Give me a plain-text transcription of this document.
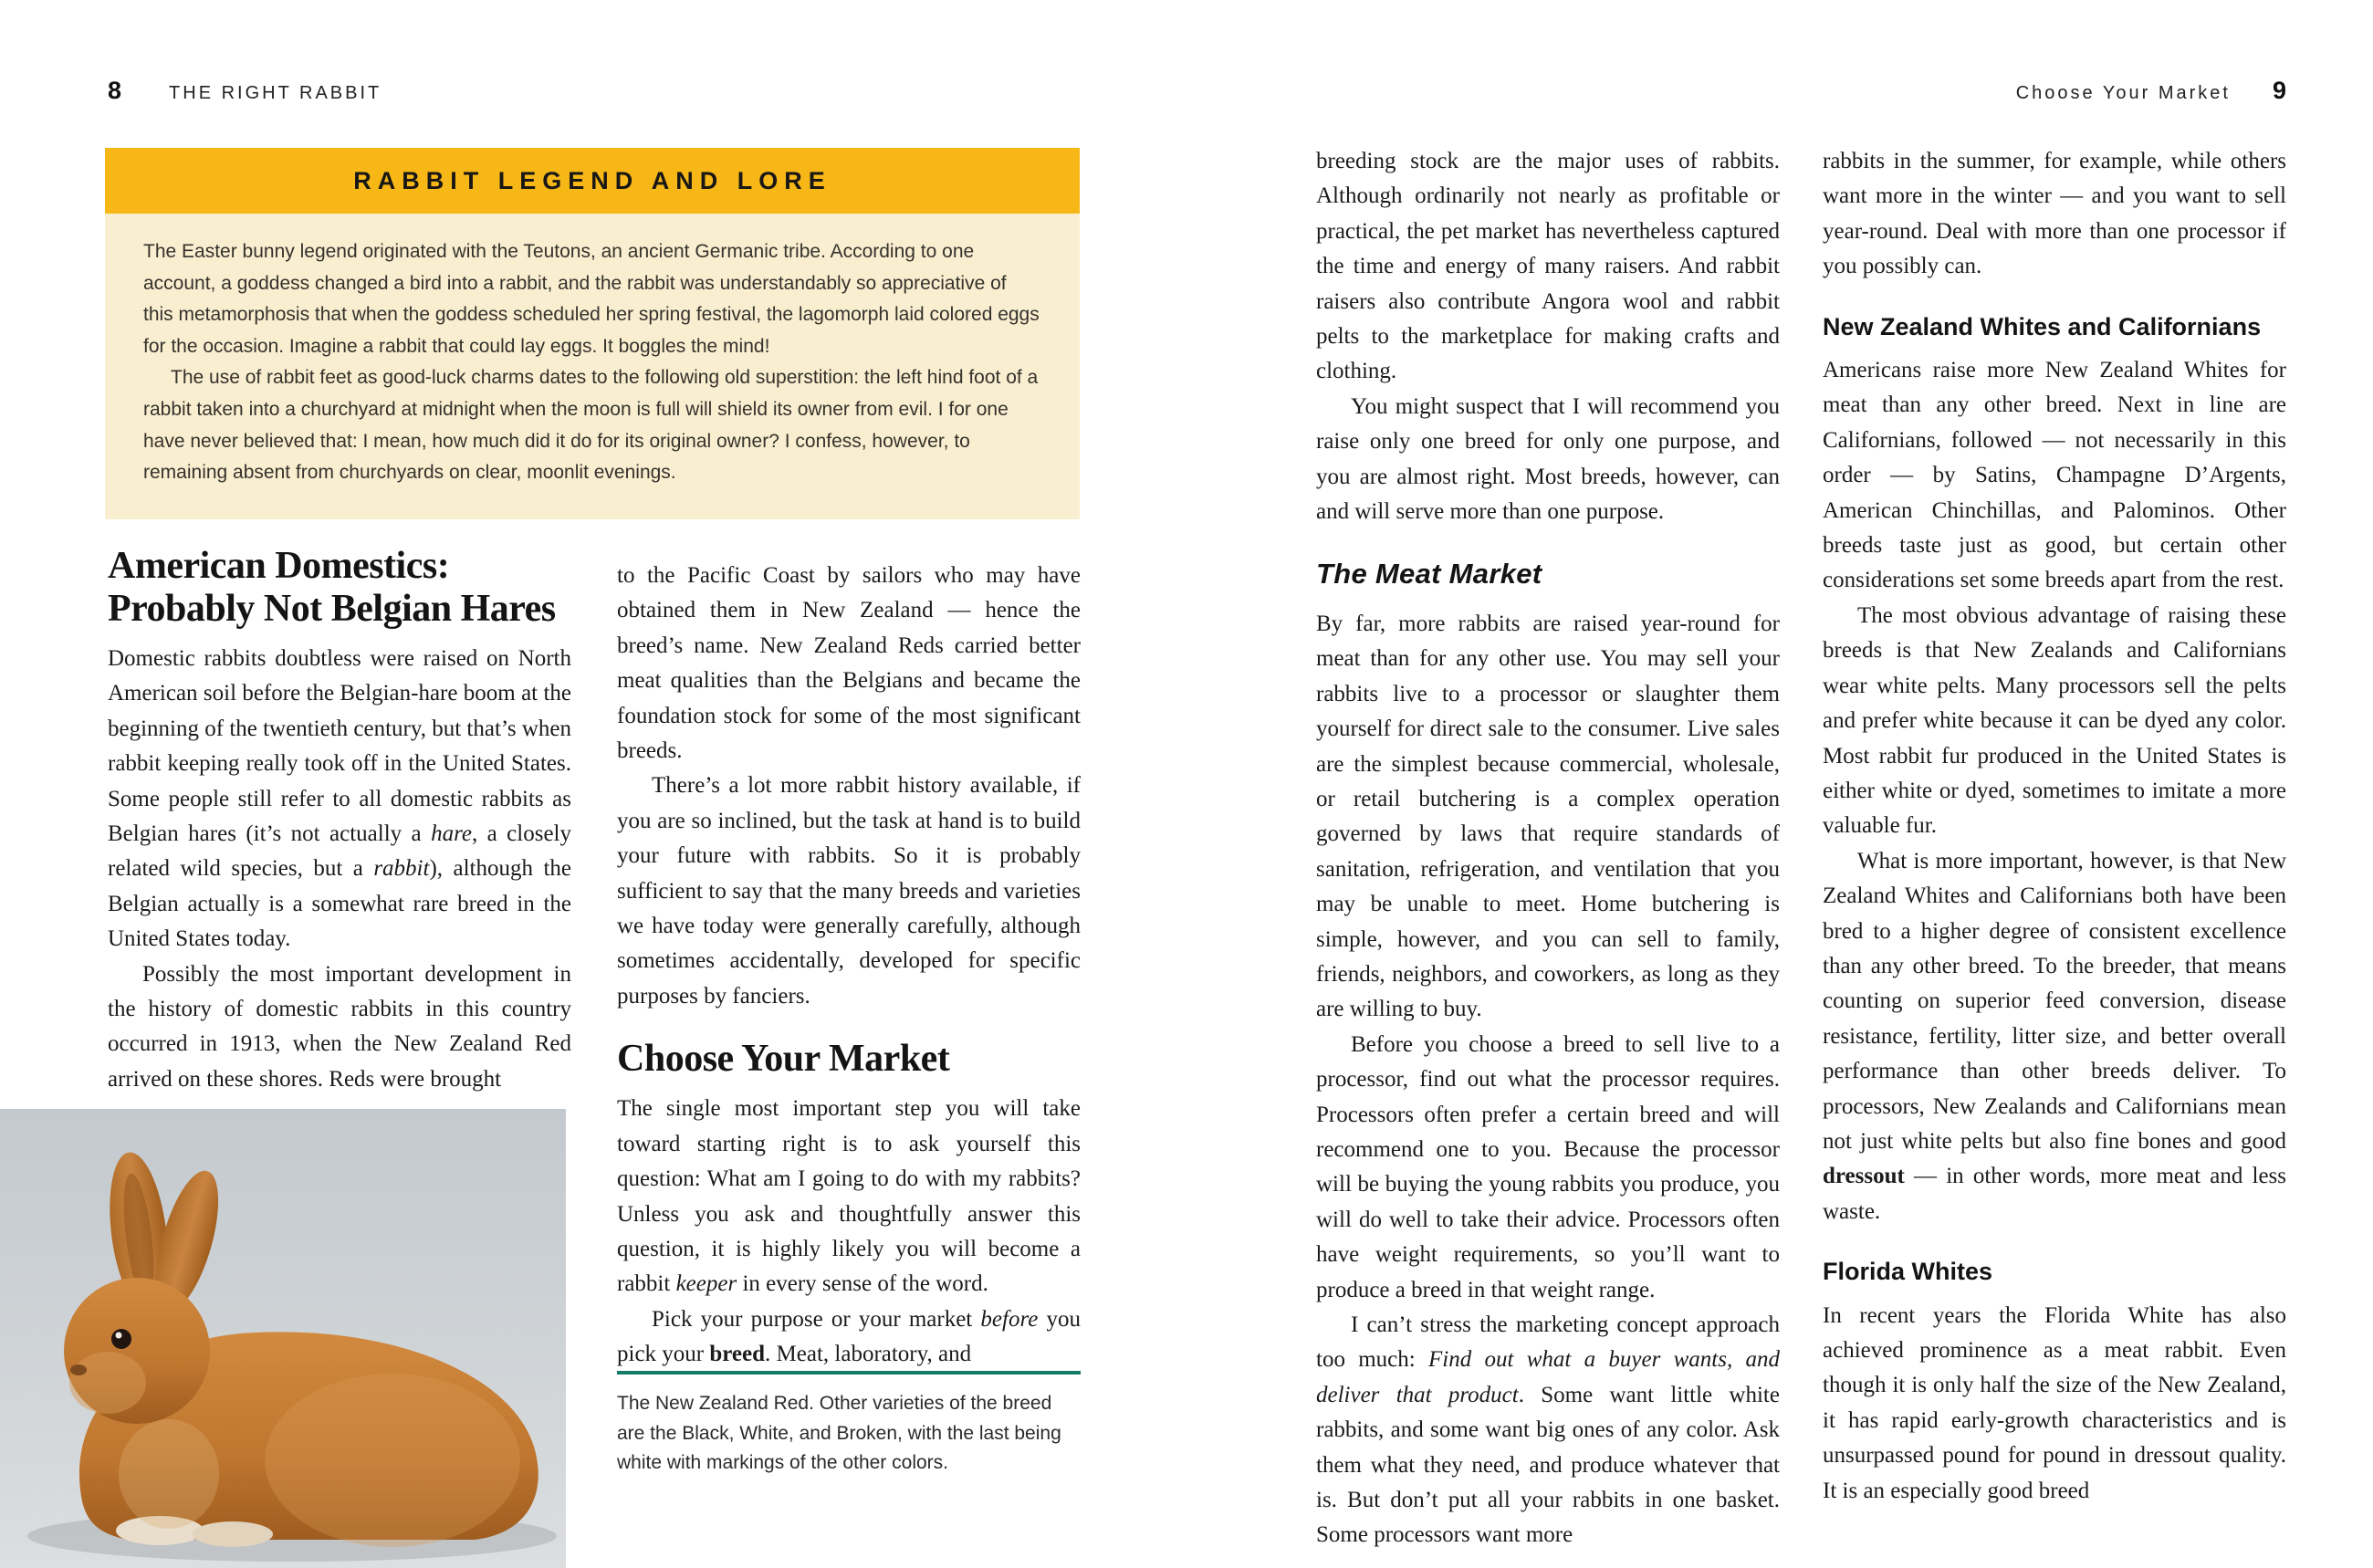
8	THE RIGHT RABBIT	Choose Your Market 9
RABBIT LEGEND AND LORE

The Easter bunny legend originated with the Teutons, an ancient Germanic tribe. According to one account, a goddess changed a bird into a rabbit, and the rabbit was understandably so appreciative of this metamorphosis that when the goddess scheduled her spring festival, the lagomorph laid colored eggs for the occasion. Imagine a rabbit that could lay eggs. It boggles the mind!

The use of rabbit feet as good-luck charms dates to the following old superstition: the left hind foot of a rabbit taken into a churchyard at midnight when the moon is full will shield its owner from evil. I for one have never believed that: I mean, how much did it do for its original owner? I confess, however, to remaining absent from churchyards on clear, moonlit evenings.

American Domestics:
Probably Not Belgian Hares

Domestic rabbits doubtless were raised on North American soil before the Belgian-hare boom at the beginning of the twentieth century, but that’s when rabbit keeping really took off in the United States. Some people still refer to all domestic rabbits as Belgian hares (it’s not actually a hare, a closely related wild species, but a rabbit), although the Belgian actually is a somewhat rare breed in the United States today.

Possibly the most important development in the history of domestic rabbits in this country occurred in 1913, when the New Zealand Red arrived on these shores. Reds were brought

to the Pacific Coast by sailors who may have obtained them in New Zealand — hence the breed’s name. New Zealand Reds carried better meat qualities than the Belgians and became the foundation stock for some of the most significant breeds.

There’s a lot more rabbit history available, if you are so inclined, but the task at hand is to build your future with rabbits. So it is probably sufficient to say that the many breeds and varieties we have today were generally carefully, although sometimes accidentally, developed for specific purposes by fanciers.

Choose Your Market

The single most important step you will take toward starting right is to ask yourself this question: What am I going to do with my rabbits? Unless you ask and thoughtfully answer this question, it is highly likely you will become a rabbit keeper in every sense of the word.

Pick your purpose or your market before you pick your breed. Meat, laboratory, and

The New Zealand Red. Other varieties of the breed are the Black, White, and Broken, with the last being white with markings of the other colors.

breeding stock are the major uses of rabbits. Although ordinarily not nearly as profitable or practical, the pet market has nevertheless captured the time and energy of many raisers. And rabbit raisers also contribute Angora wool and rabbit pelts to the marketplace for making crafts and clothing.

You might suspect that I will recommend you raise only one breed for only one purpose, and you are almost right. Most breeds, however, can and will serve more than one purpose.

The Meat Market

By far, more rabbits are raised year-round for meat than for any other use. You may sell your rabbits live to a processor or slaughter them yourself for direct sale to the consumer. Live sales are the simplest because commercial, wholesale, or retail butchering is a complex operation governed by laws that require standards of sanitation, refrigeration, and ventilation that you may be unable to meet. Home butchering is simple, however, and you can sell to family, friends, neighbors, and coworkers, as long as they are willing to buy.

Before you choose a breed to sell live to a processor, find out what the processor requires. Processors often prefer a certain breed and will recommend one to you. Because the processor will be buying the young rabbits you produce, you will do well to take their advice. Processors often have weight requirements, so you’ll want to produce a breed in that weight range.

I can’t stress the marketing concept approach too much: Find out what a buyer wants, and deliver that product. Some want little white rabbits, and some want big ones of any color. Ask them what they need, and produce whatever that is. But don’t put all your rabbits in one basket. Some processors want more

rabbits in the summer, for example, while others want more in the winter — and you want to sell year-round. Deal with more than one processor if you possibly can.

New Zealand Whites and Californians

Americans raise more New Zealand Whites for meat than any other breed. Next in line are Californians, followed — not necessarily in this order — by Satins, Champagne D’Argents, American Chinchillas, and Palominos. Other breeds taste just as good, but certain other considerations set some breeds apart from the rest.

The most obvious advantage of raising these breeds is that New Zealands and Californians wear white pelts. Many processors sell the pelts and prefer white because it can be dyed any color. Most rabbit fur produced in the United States is either white or dyed, sometimes to imitate a more valuable fur.

What is more important, however, is that New Zealand Whites and Californians both have been bred to a higher degree of consistent excellence than any other breed. To the breeder, that means counting on superior feed conversion, disease resistance, fertility, litter size, and better overall performance than other breeds deliver. To processors, New Zealands and Californians mean not just white pelts but also fine bones and good dressout — in other words, more meat and less waste.

Florida Whites

In recent years the Florida White has also achieved prominence as a meat rabbit. Even though it is only half the size of the New Zealand, it has rapid early-growth characteristics and is unsurpassed pound for pound in dressout quality. It is an especially good breed
